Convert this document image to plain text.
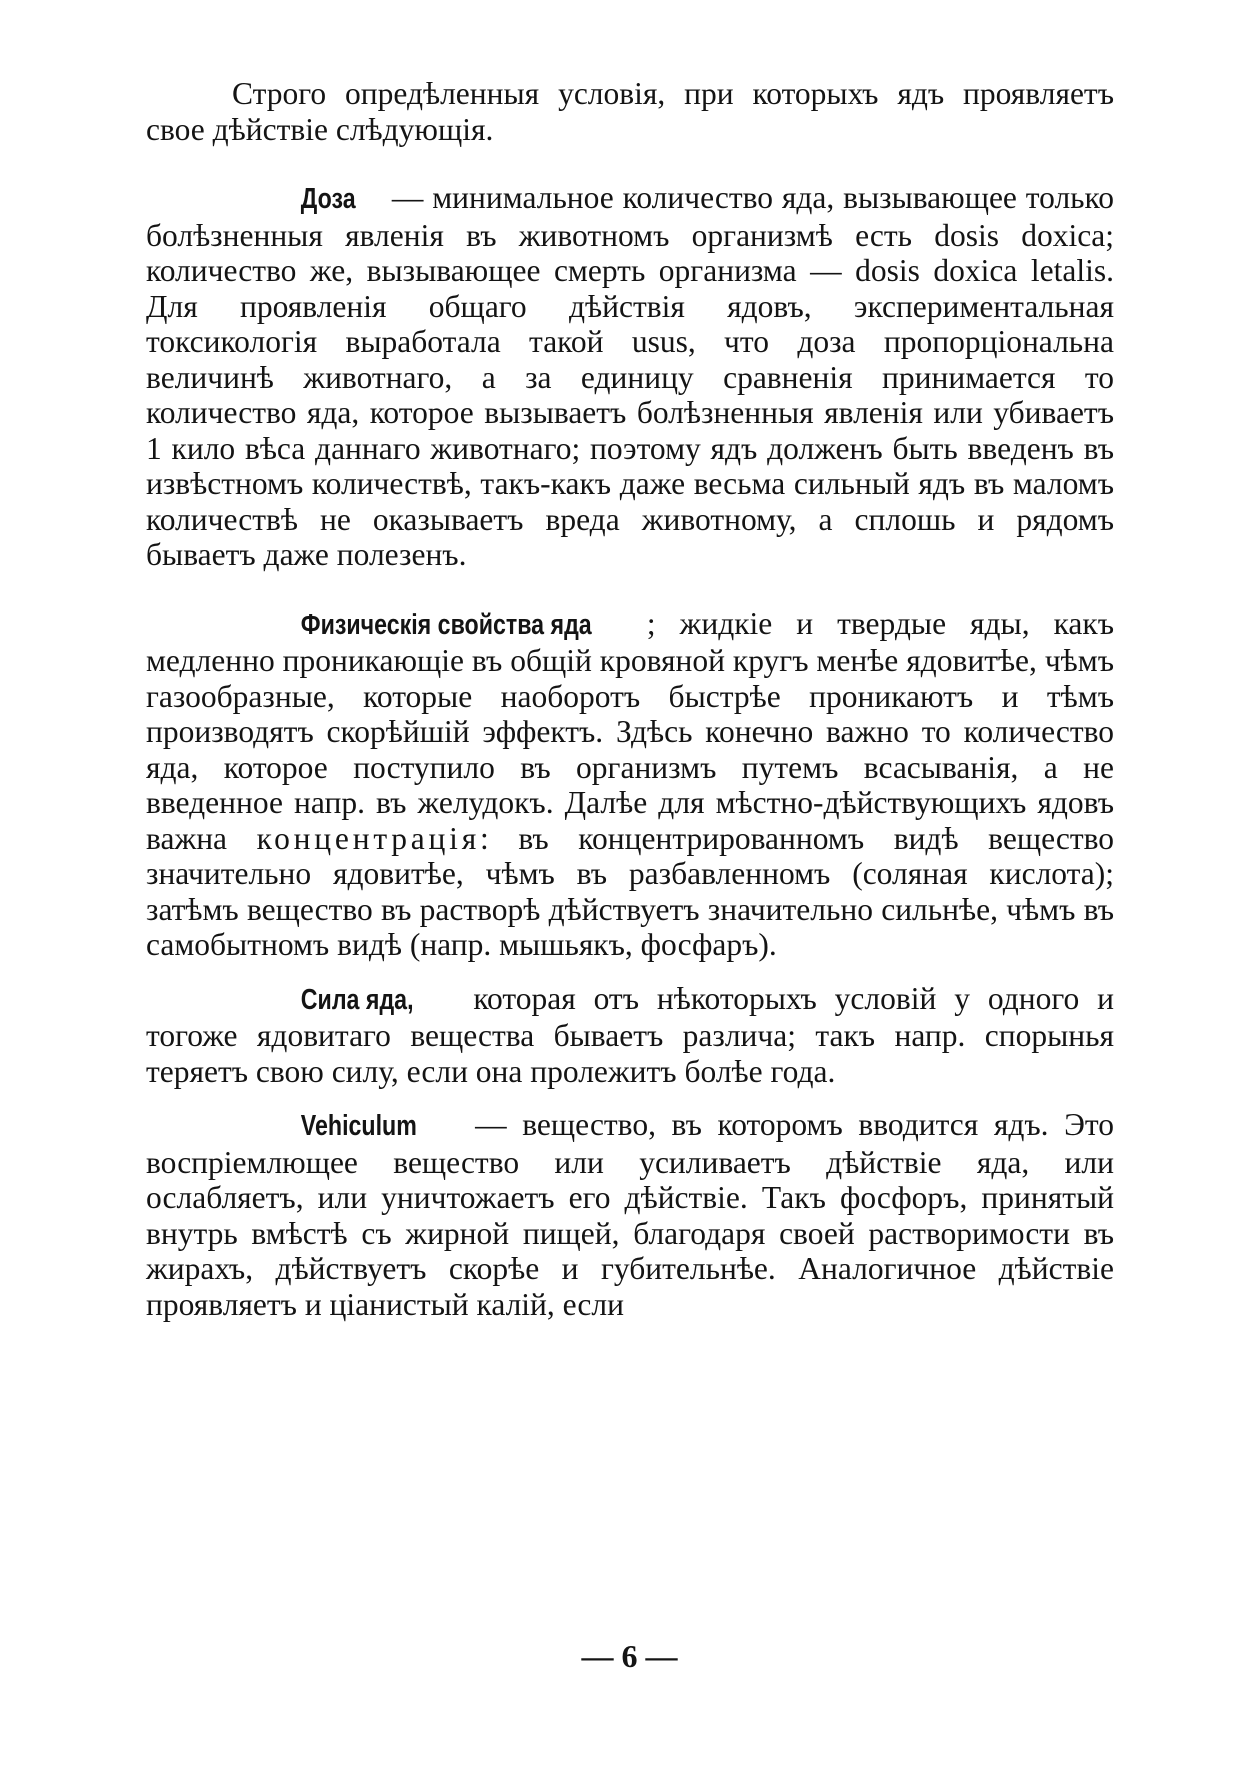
Строго опредѣленныя условія, при которыхъ ядъ проявляетъ свое дѣйствіе слѣдующія.

Доза — минимальное количество яда, вызывающее только болѣзненныя явленія въ животномъ организмѣ есть dosis doxica; количество же, вызывающее смерть организма — dosis doxica letalis. Для проявленія общаго дѣйствія ядовъ, экспериментальная токсикологія выработала такой usus, что доза пропорціональна величинѣ животнаго, а за единицу сравненія принимается то количество яда, которое вызываетъ болѣзненныя явленія или убиваетъ 1 кило вѣса даннаго животнаго; поэтому ядъ долженъ быть введенъ въ извѣстномъ количествѣ, такъ-какъ даже весьма сильный ядъ въ маломъ количествѣ не оказываетъ вреда животному, а сплошь и рядомъ бываетъ даже полезенъ.

Физическія свойства яда ; жидкіе и твердые яды, какъ медленно проникающіе въ общій кровяной кругъ менѣе ядовитѣе, чѣмъ газообразные, которые наоборотъ быстрѣе проникаютъ и тѣмъ производятъ скорѣйшій эффектъ. Здѣсь конечно важно то количество яда, которое поступило въ организмъ путемъ всасыванія, а не введенное напр. въ желудокъ. Далѣе для мѣстно-дѣйствующихъ ядовъ важна концентрація: въ концентрированномъ видѣ вещество значительно ядовитѣе, чѣмъ въ разбавленномъ (соляная кислота); затѣмъ вещество въ растворѣ дѣйствуетъ значительно сильнѣе, чѣмъ въ самобытномъ видѣ (напр. мышьякъ, фосфаръ).

Сила яда, которая отъ нѣкоторыхъ условій у одного и тогоже ядовитаго вещества бываетъ различа; такъ напр. спорынья теряетъ свою силу, если она пролежитъ болѣе года.

Vehiculum — вещество, въ которомъ вводится ядъ. Это воспріемлющее вещество или усиливаетъ дѣйствіе яда, или ослабляетъ, или уничтожаетъ его дѣйствіе. Такъ фосфоръ, принятый внутрь вмѣстѣ съ жирной пищей, благодаря своей растворимости въ жирахъ, дѣйствуетъ скорѣе и губительнѣе. Аналогичное дѣйствіе проявляетъ и ціанистый калій, если

— 6 —
